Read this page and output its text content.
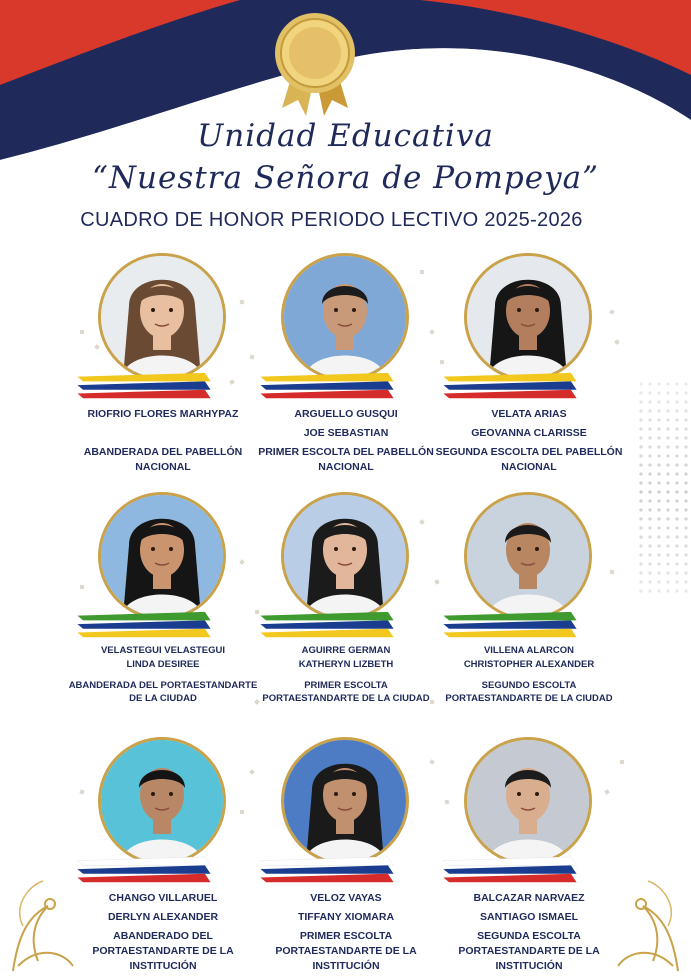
Unidad Educativa
“Nuestra Señora de Pompeya”
CUADRO DE HONOR PERIODO LECTIVO 2025-2026
RIOFRIO FLORES MARHYPAZ
ABANDERADA DEL PABELLÓN
NACIONAL
ARGUELLO GUSQUI
JOE SEBASTIAN
PRIMER ESCOLTA DEL PABELLÓN
NACIONAL
VELATA ARIAS
GEOVANNA CLARISSE
SEGUNDA ESCOLTA DEL PABELLÓN
NACIONAL
VELASTEGUI VELASTEGUI
LINDA DESIREE
ABANDERADA DEL PORTAESTANDARTE
DE LA CIUDAD
AGUIRRE GERMAN
KATHERYN LIZBETH
PRIMER ESCOLTA
PORTAESTANDARTE DE LA CIUDAD
VILLENA ALARCON
CHRISTOPHER ALEXANDER
SEGUNDO ESCOLTA
PORTAESTANDARTE DE LA CIUDAD
CHANGO VILLARUEL
DERLYN ALEXANDER
ABANDERADO DEL
PORTAESTANDARTE DE LA
INSTITUCIÓN
VELOZ VAYAS
TIFFANY XIOMARA
PRIMER ESCOLTA
PORTAESTANDARTE DE LA
INSTITUCIÓN
BALCAZAR NARVAEZ
SANTIAGO ISMAEL
SEGUNDA ESCOLTA
PORTAESTANDARTE DE LA
INSTITUCIÓN
